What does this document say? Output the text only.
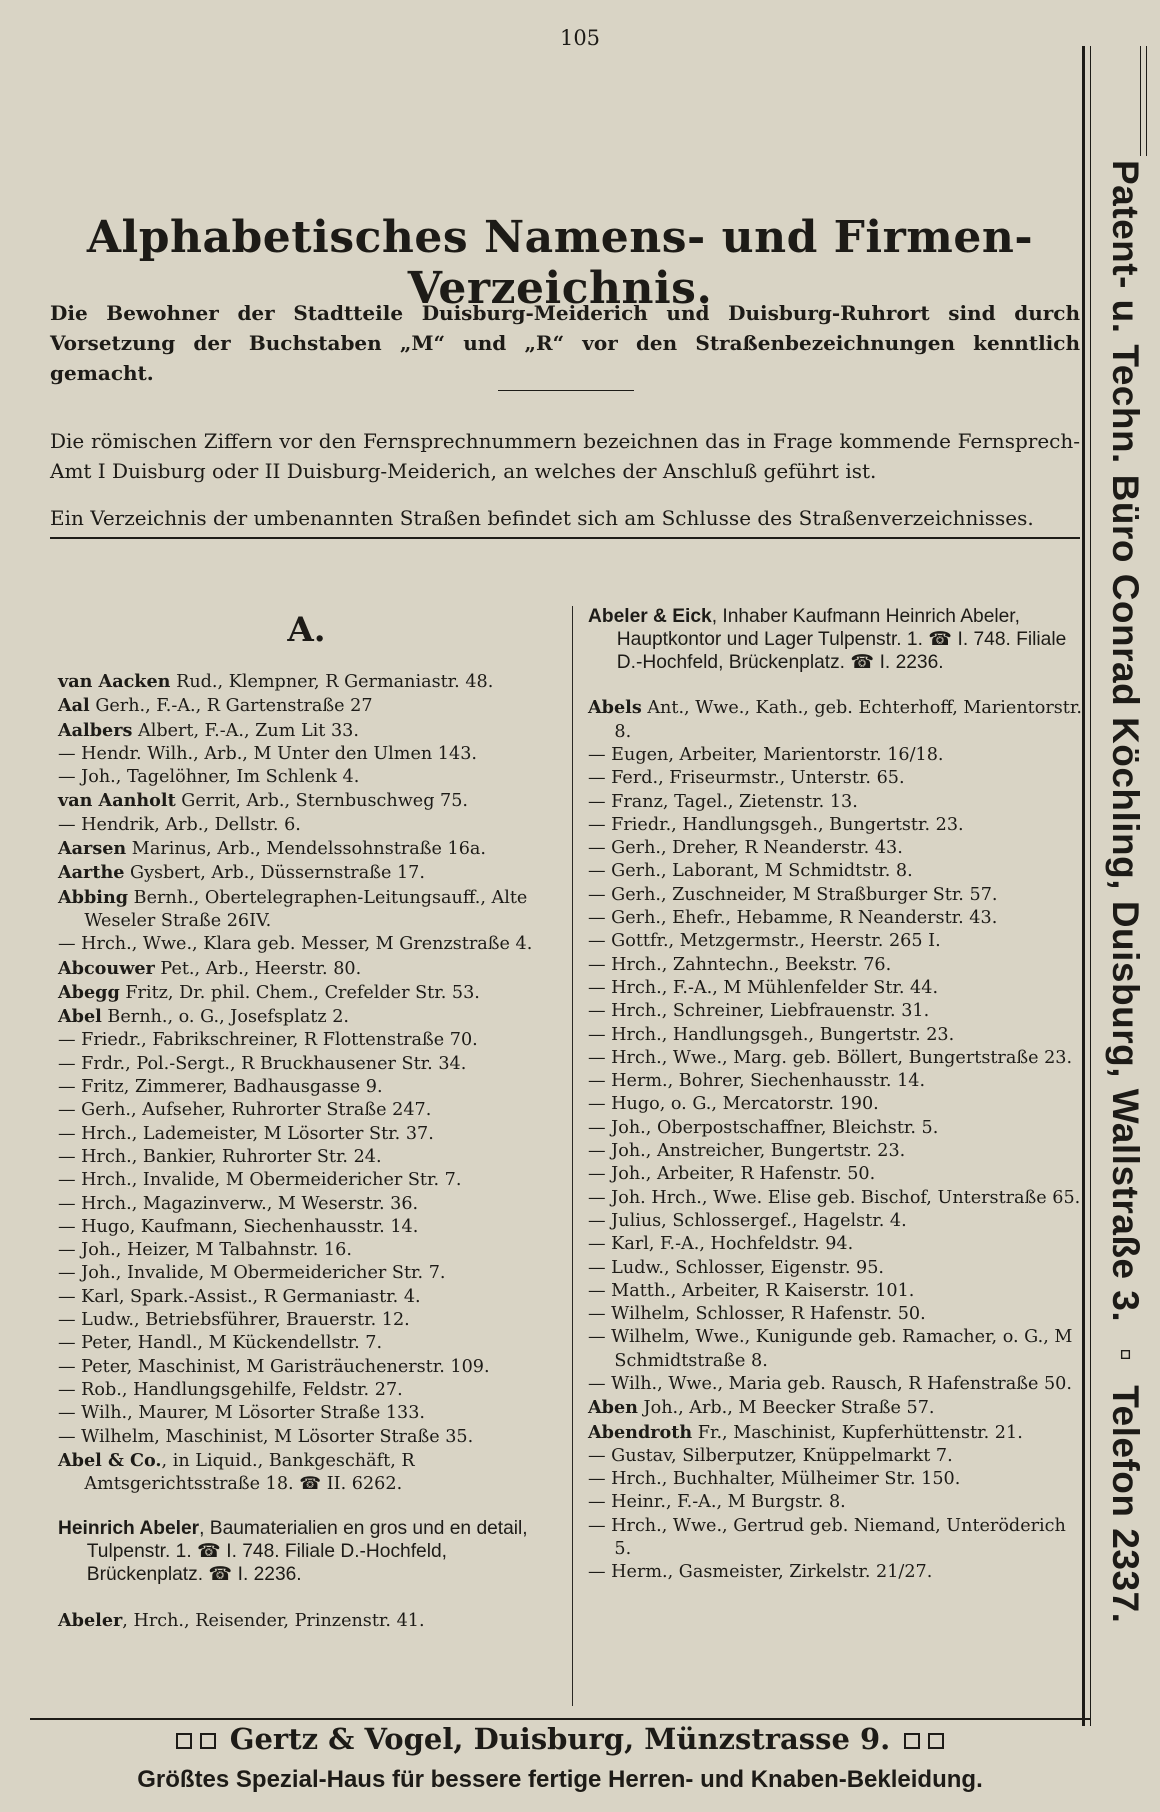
105
Patent- u. Techn. Büro Conrad Köchling, Duisburg, Wallstraße 3. ▫ Telefon 2337.
Alphabetisches Namens- und Firmen-Verzeichnis.
Die Bewohner der Stadtteile Duisburg-Meiderich und Duisburg-Ruhrort sind durch Vorsetzung der Buchstaben „M“ und „R“ vor den Straßenbezeichnungen kenntlich gemacht.
Die römischen Ziffern vor den Fernsprechnummern bezeichnen das in Frage kommende Fernsprech-Amt I Duisburg oder II Duisburg-Meiderich, an welches der Anschluß geführt ist.
Ein Verzeichnis der umbenannten Straßen befindet sich am Schlusse des Straßenverzeichnisses.
A.
van Aacken Rud., Klempner, R Germaniastr. 48.
Aal Gerh., F.-A., R Gartenstraße 27
Aalbers Albert, F.-A., Zum Lit 33.
— Hendr. Wilh., Arb., M Unter den Ulmen 143.
— Joh., Tagelöhner, Im Schlenk 4.
van Aanholt Gerrit, Arb., Sternbuschweg 75.
— Hendrik, Arb., Dellstr. 6.
Aarsen Marinus, Arb., Mendelssohnstraße 16a.
Aarthe Gysbert, Arb., Düssernstraße 17.
Abbing Bernh., Obertelegraphen-Leitungsauff., Alte Weseler Straße 26IV.
— Hrch., Wwe., Klara geb. Messer, M Grenzstraße 4.
Abcouwer Pet., Arb., Heerstr. 80.
Abegg Fritz, Dr. phil. Chem., Crefelder Str. 53.
Abel Bernh., o. G., Josefsplatz 2.
— Friedr., Fabrikschreiner, R Flottenstraße 70.
— Frdr., Pol.-Sergt., R Bruckhausener Str. 34.
— Fritz, Zimmerer, Badhausgasse 9.
— Gerh., Aufseher, Ruhrorter Straße 247.
— Hrch., Lademeister, M Lösorter Str. 37.
— Hrch., Bankier, Ruhrorter Str. 24.
— Hrch., Invalide, M Obermeidericher Str. 7.
— Hrch., Magazinverw., M Weserstr. 36.
— Hugo, Kaufmann, Siechenhausstr. 14.
— Joh., Heizer, M Talbahnstr. 16.
— Joh., Invalide, M Obermeidericher Str. 7.
— Karl, Spark.-Assist., R Germaniastr. 4.
— Ludw., Betriebsführer, Brauerstr. 12.
— Peter, Handl., M Kückendellstr. 7.
— Peter, Maschinist, M Garisträuchenerstr. 109.
— Rob., Handlungsgehilfe, Feldstr. 27.
— Wilh., Maurer, M Lösorter Straße 133.
— Wilhelm, Maschinist, M Lösorter Straße 35.
Abel & Co., in Liquid., Bankgeschäft, R Amtsgerichtsstraße 18. ☎ II. 6262.
Heinrich Abeler, Baumaterialien en gros und en detail, Tulpenstr. 1. ☎ I. 748. Filiale D.-Hochfeld, Brückenplatz. ☎ I. 2236.
Abeler, Hrch., Reisender, Prinzenstr. 41.
Abeler & Eick, Inhaber Kaufmann Heinrich Abeler, Hauptkontor und Lager Tulpenstr. 1. ☎ I. 748. Filiale D.-Hochfeld, Brückenplatz. ☎ I. 2236.
Abels Ant., Wwe., Kath., geb. Echterhoff, Marientorstr. 8.
— Eugen, Arbeiter, Marientorstr. 16/18.
— Ferd., Friseurmstr., Unterstr. 65.
— Franz, Tagel., Zietenstr. 13.
— Friedr., Handlungsgeh., Bungertstr. 23.
— Gerh., Dreher, R Neanderstr. 43.
— Gerh., Laborant, M Schmidtstr. 8.
— Gerh., Zuschneider, M Straßburger Str. 57.
— Gerh., Ehefr., Hebamme, R Neanderstr. 43.
— Gottfr., Metzgermstr., Heerstr. 265 I.
— Hrch., Zahntechn., Beekstr. 76.
— Hrch., F.-A., M Mühlenfelder Str. 44.
— Hrch., Schreiner, Liebfrauenstr. 31.
— Hrch., Handlungsgeh., Bungertstr. 23.
— Hrch., Wwe., Marg. geb. Böllert, Bungertstraße 23.
— Herm., Bohrer, Siechenhausstr. 14.
— Hugo, o. G., Mercatorstr. 190.
— Joh., Oberpostschaffner, Bleichstr. 5.
— Joh., Anstreicher, Bungertstr. 23.
— Joh., Arbeiter, R Hafenstr. 50.
— Joh. Hrch., Wwe. Elise geb. Bischof, Unterstraße 65.
— Julius, Schlossergef., Hagelstr. 4.
— Karl, F.-A., Hochfeldstr. 94.
— Ludw., Schlosser, Eigenstr. 95.
— Matth., Arbeiter, R Kaiserstr. 101.
— Wilhelm, Schlosser, R Hafenstr. 50.
— Wilhelm, Wwe., Kunigunde geb. Ramacher, o. G., M Schmidtstraße 8.
— Wilh., Wwe., Maria geb. Rausch, R Hafenstraße 50.
Aben Joh., Arb., M Beecker Straße 57.
Abendroth Fr., Maschinist, Kupferhüttenstr. 21.
— Gustav, Silberputzer, Knüppelmarkt 7.
— Hrch., Buchhalter, Mülheimer Str. 150.
— Heinr., F.-A., M Burgstr. 8.
— Hrch., Wwe., Gertrud geb. Niemand, Unteröderich 5.
— Herm., Gasmeister, Zirkelstr. 21/27.
Gertz & Vogel, Duisburg, Münzstrasse 9.
Größtes Spezial-Haus für bessere fertige Herren- und Knaben-Bekleidung.
